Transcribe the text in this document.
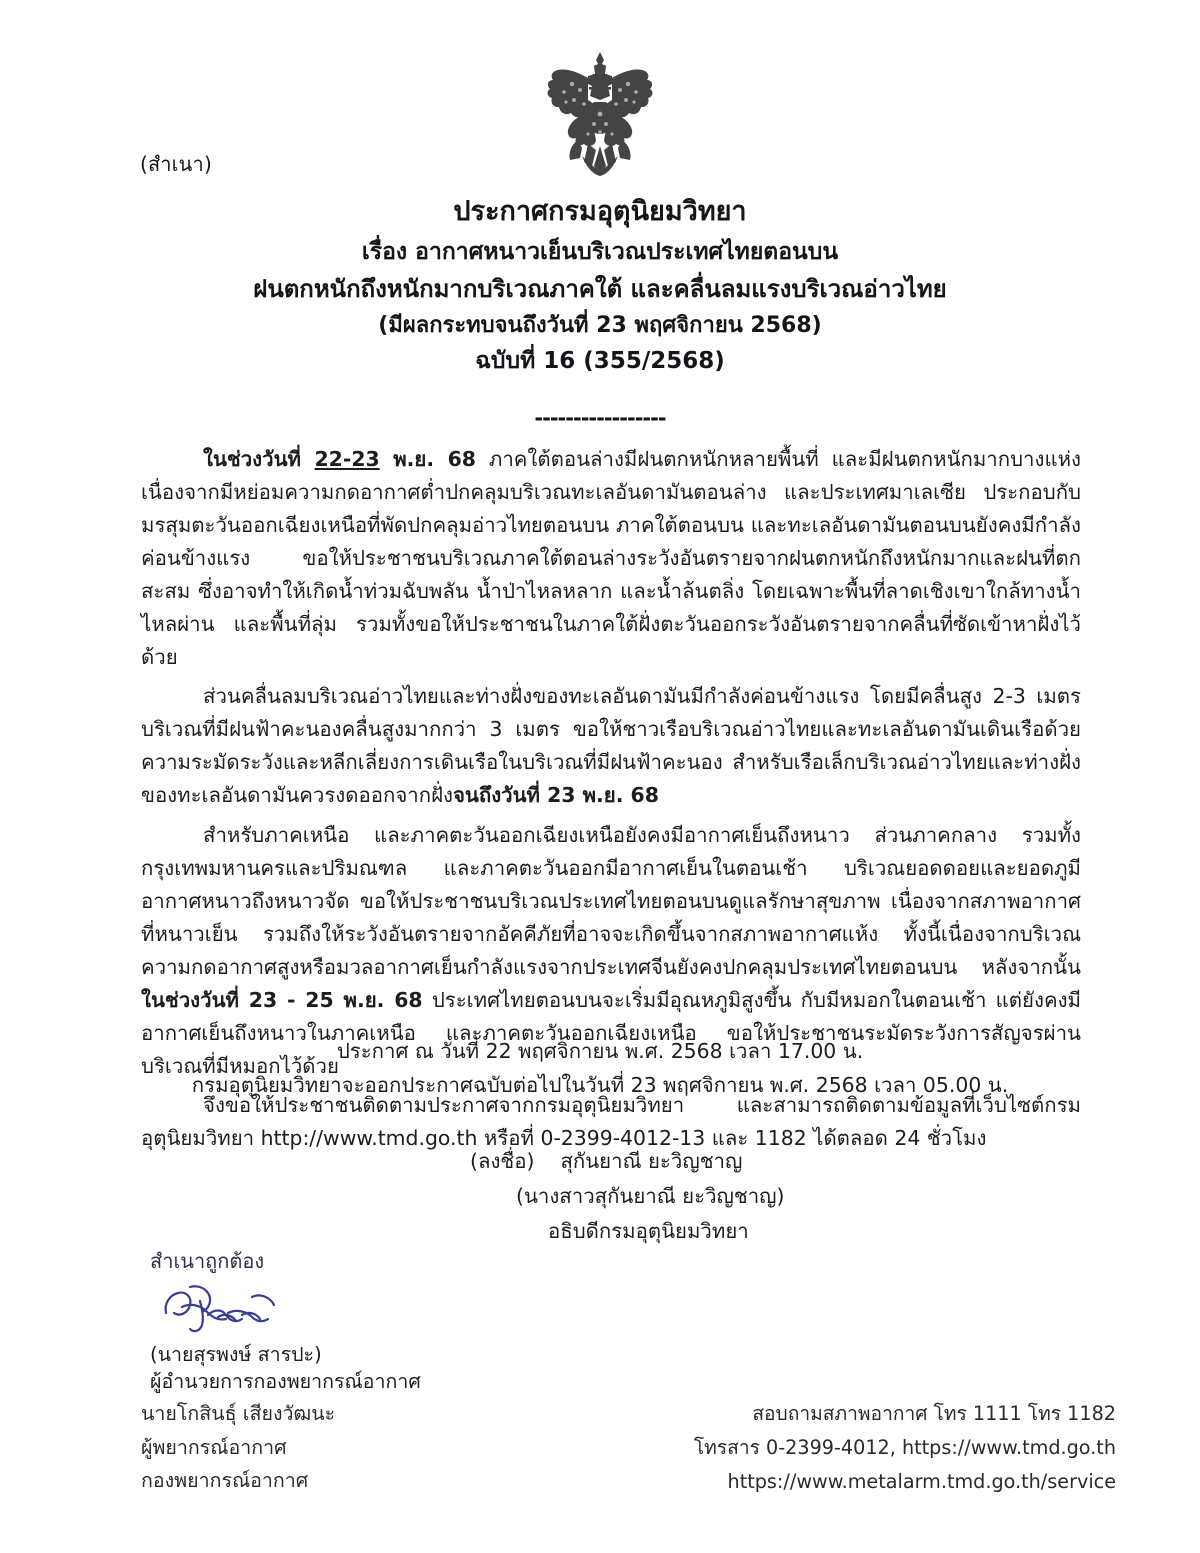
(สำเนา)
ประกาศกรมอุตุนิยมวิทยา
เรื่อง อากาศหนาวเย็นบริเวณประเทศไทยตอนบน
ฝนตกหนักถึงหนักมากบริเวณภาคใต้ และคลื่นลมแรงบริเวณอ่าวไทย
(มีผลกระทบจนถึงวันที่ 23 พฤศจิกายน 2568)
ฉบับที่ 16 (355/2568)
-----------------

ในช่วงวันที่ 22-23 พ.ย. 68 ภาคใต้ตอนล่างมีฝนตกหนักหลายพื้นที่ และมีฝนตกหนักมากบางแห่ง เนื่องจากมีหย่อมความกดอากาศต่ำปกคลุมบริเวณทะเลอันดามันตอนล่าง และประเทศมาเลเซีย ประกอบกับมรสุมตะวันออกเฉียงเหนือที่พัดปกคลุมอ่าวไทยตอนบน ภาคใต้ตอนบน และทะเลอันดามันตอนบนยังคงมีกำลังค่อนข้างแรง ขอให้ประชาชนบริเวณภาคใต้ตอนล่างระวังอันตรายจากฝนตกหนักถึงหนักมากและฝนที่ตกสะสม ซึ่งอาจทำให้เกิดน้ำท่วมฉับพลัน น้ำป่าไหลหลาก และน้ำล้นตลิ่ง โดยเฉพาะพื้นที่ลาดเชิงเขาใกล้ทางน้ำไหลผ่าน และพื้นที่ลุ่ม รวมทั้งขอให้ประชาชนในภาคใต้ฝั่งตะวันออกระวังอันตรายจากคลื่นที่ซัดเข้าหาฝั่งไว้ด้วย

ส่วนคลื่นลมบริเวณอ่าวไทยและท่างฝั่งของทะเลอันดามันมีกำลังค่อนข้างแรง โดยมีคลื่นสูง 2-3 เมตร บริเวณที่มีฝนฟ้าคะนองคลื่นสูงมากกว่า 3 เมตร ขอให้ชาวเรือบริเวณอ่าวไทยและทะเลอันดามันเดินเรือด้วยความระมัดระวังและหลีกเลี่ยงการเดินเรือในบริเวณที่มีฝนฟ้าคะนอง สำหรับเรือเล็กบริเวณอ่าวไทยและท่างฝั่งของทะเลอันดามันควรงดออกจากฝั่งจนถึงวันที่ 23 พ.ย. 68

สำหรับภาคเหนือ และภาคตะวันออกเฉียงเหนือยังคงมีอากาศเย็นถึงหนาว ส่วนภาคกลาง รวมทั้งกรุงเทพมหานครและปริมณฑล และภาคตะวันออกมีอากาศเย็นในตอนเช้า บริเวณยอดดอยและยอดภูมีอากาศหนาวถึงหนาวจัด ขอให้ประชาชนบริเวณประเทศไทยตอนบนดูแลรักษาสุขภาพ เนื่องจากสภาพอากาศที่หนาวเย็น รวมถึงให้ระวังอันตรายจากอัคคีภัยที่อาจจะเกิดขึ้นจากสภาพอากาศแห้ง ทั้งนี้เนื่องจากบริเวณความกดอากาศสูงหรือมวลอากาศเย็นกำลังแรงจากประเทศจีนยังคงปกคลุมประเทศไทยตอนบน หลังจากนั้นในช่วงวันที่ 23 - 25 พ.ย. 68 ประเทศไทยตอนบนจะเริ่มมีอุณหภูมิสูงขึ้น กับมีหมอกในตอนเช้า แต่ยังคงมีอากาศเย็นถึงหนาวในภาคเหนือ และภาคตะวันออกเฉียงเหนือ ขอให้ประชาชนระมัดระวังการสัญจรผ่านบริเวณที่มีหมอกไว้ด้วย

จึงขอให้ประชาชนติดตามประกาศจากกรมอุตุนิยมวิทยา และสามารถติดตามข้อมูลที่เว็บไซต์กรมอุตุนิยมวิทยา http://www.tmd.go.th หรือที่ 0-2399-4012-13 และ 1182 ได้ตลอด 24 ชั่วโมง

ประกาศ ณ วันที่ 22 พฤศจิกายน พ.ศ. 2568 เวลา 17.00 น.
กรมอุตุนิยมวิทยาจะออกประกาศฉบับต่อไปในวันที่ 23 พฤศจิกายน พ.ศ. 2568 เวลา 05.00 น.
(ลงชื่อ) สุกันยาณี ยะวิญชาญ
(นางสาวสุกันยาณี ยะวิญชาญ)
อธิบดีกรมอุตุนิยมวิทยา
สำเนาถูกต้อง
(นายสุรพงษ์ สารปะ)
ผู้อำนวยการกองพยากรณ์อากาศ
นายโกสินธุ์ เสียงวัฒนะ
ผู้พยากรณ์อากาศ
กองพยากรณ์อากาศ
สอบถามสภาพอากาศ โทร 1111 โทร 1182
โทรสาร 0-2399-4012, https://www.tmd.go.th
https://www.metalarm.tmd.go.th/service
